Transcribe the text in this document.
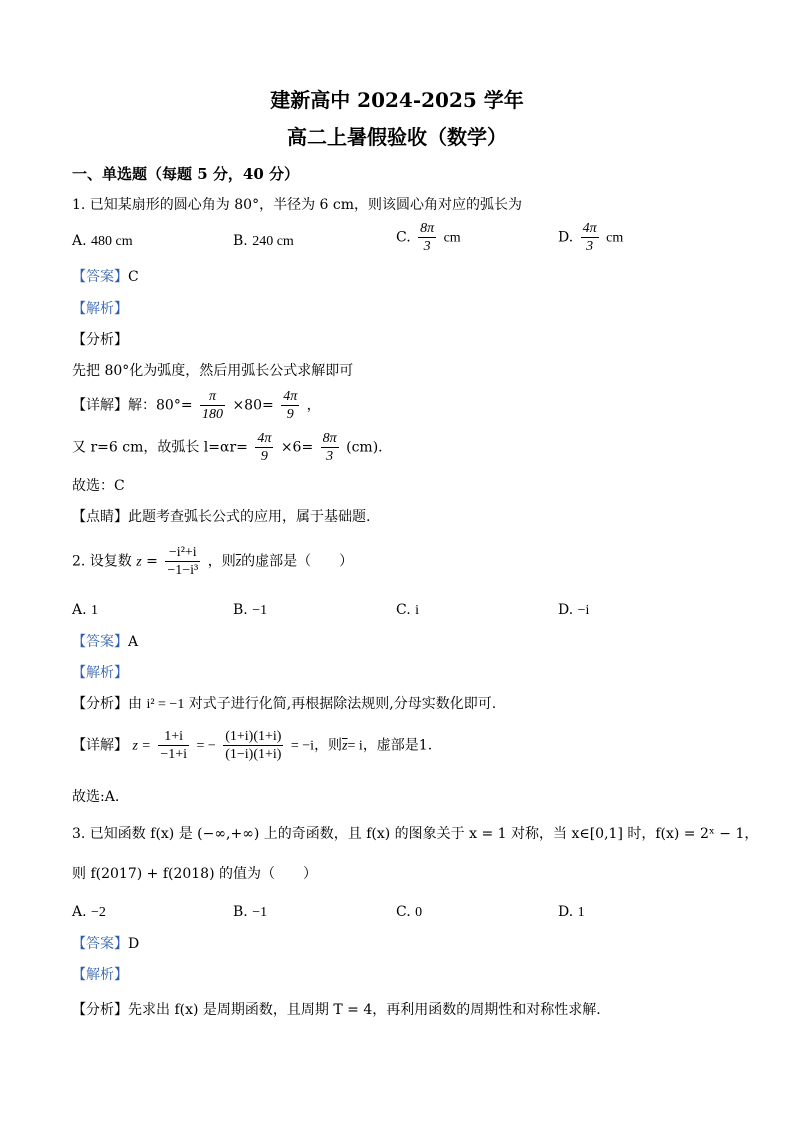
建新高中 2024-2025 学年
高二上暑假验收（数学）
一、单选题（每题 5 分，40 分）
1. 已知某扇形的圆心角为 80°，半径为 6 cm，则该圆心角对应的弧长为
A. 480 cm	B. 240 cm	C. $\frac{8\pi}{3}$ cm	D. $\frac{4\pi}{3}$ cm
【答案】C
【解析】
【分析】
先把 80°化为弧度，然后用弧长公式求解即可
【详解】解：$80^\circ= \frac{\pi}{180} \times 80= \frac{4\pi}{9}$ ，
又 r=6 cm，故弧长 $l=\alpha r= \frac{4\pi}{9} \times 6= \frac{8\pi}{3} (cm)$.
故选：C
【点睛】此题考查弧长公式的应用，属于基础题.
2. 设复数 $z = \frac{\text{−i²+i}}{\text{−1−i³}}$ ，则$\overline{z}$的虚部是（　　）
A. 1	B. −1	C. i	D. −i
【答案】A
【解析】
【分析】由 i² = −1 对式子进行化简,再根据除法规则,分母实数化即可.
【详解】 $z = \frac{1+i}{-1+i}$ = − $\frac{(1+i)(1+i)}{(1-i)(1+i)} = -i$，则$\overline{z}= i$，虚部是1.
故选:A.
3. 已知函数 f(x) 是 (−∞,+∞) 上的奇函数，且 f(x) 的图象关于 x = 1 对称，当 x∈[0,1] 时，f(x) = 2ˣ − 1，
则 f(2017) + f(2018) 的值为（　　）
A. −2	B. −1	C. 0	D. 1
【答案】D
【解析】
【分析】先求出 f(x) 是周期函数，且周期 T = 4，再利用函数的周期性和对称性求解.
